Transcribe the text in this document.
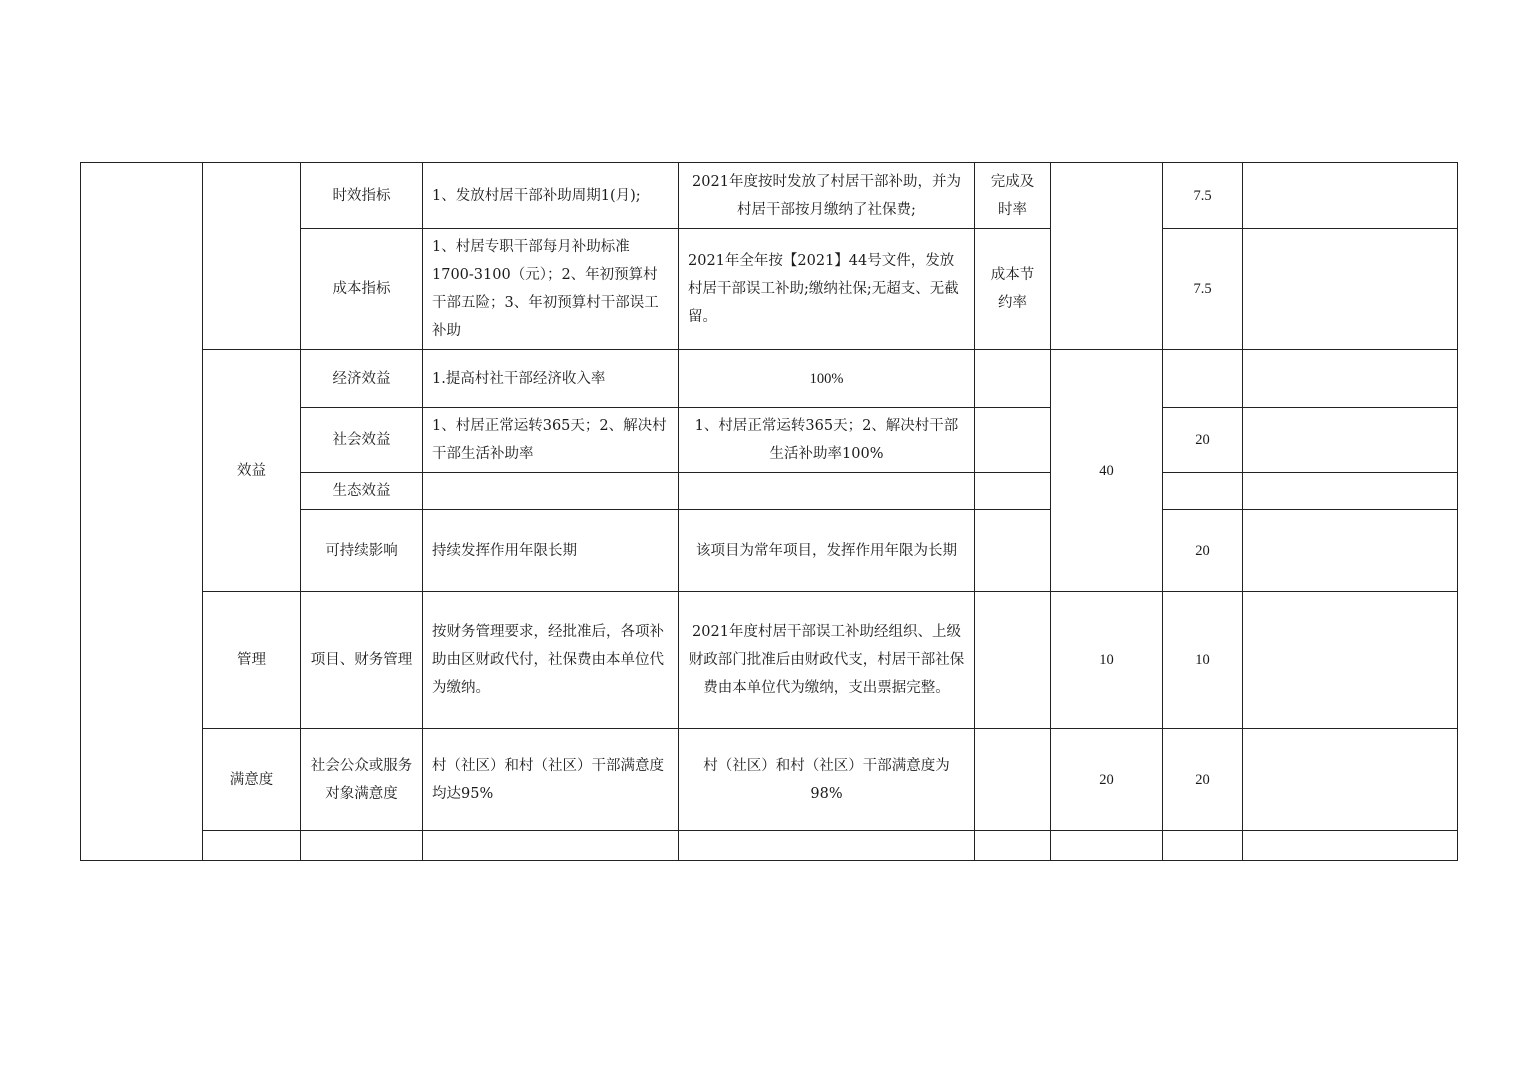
		时效指标	1、发放村居干部补助周期1(月);	2021年度按时发放了村居干部补助，并为村居干部按月缴纳了社保费;	完成及时率		7.5	
		成本指标	1、村居专职干部每月补助标准1700-3100（元）；2、年初预算村干部五险；3、年初预算村干部误工补助	2021年全年按【2021】44号文件，发放村居干部误工补助;缴纳社保;无超支、无截留。	成本节约率		7.5	
	效益	经济效益	1.提高村社干部经济收入率	100%		40		
		社会效益	1、村居正常运转365天；2、解决村干部生活补助率	1、村居正常运转365天；2、解决村干部生活补助率100%			20	
		生态效益						
		可持续影响	持续发挥作用年限长期	该项目为常年项目，发挥作用年限为长期			20	
	管理	项目、财务管理	按财务管理要求，经批准后，各项补助由区财政代付，社保费由本单位代为缴纳。	2021年度村居干部误工补助经组织、上级财政部门批准后由财政代支，村居干部社保费由本单位代为缴纳，支出票据完整。		10	10	
	满意度	社会公众或服务对象满意度	村（社区）和村（社区）干部满意度均达95%	村（社区）和村（社区）干部满意度为98%		20	20	
